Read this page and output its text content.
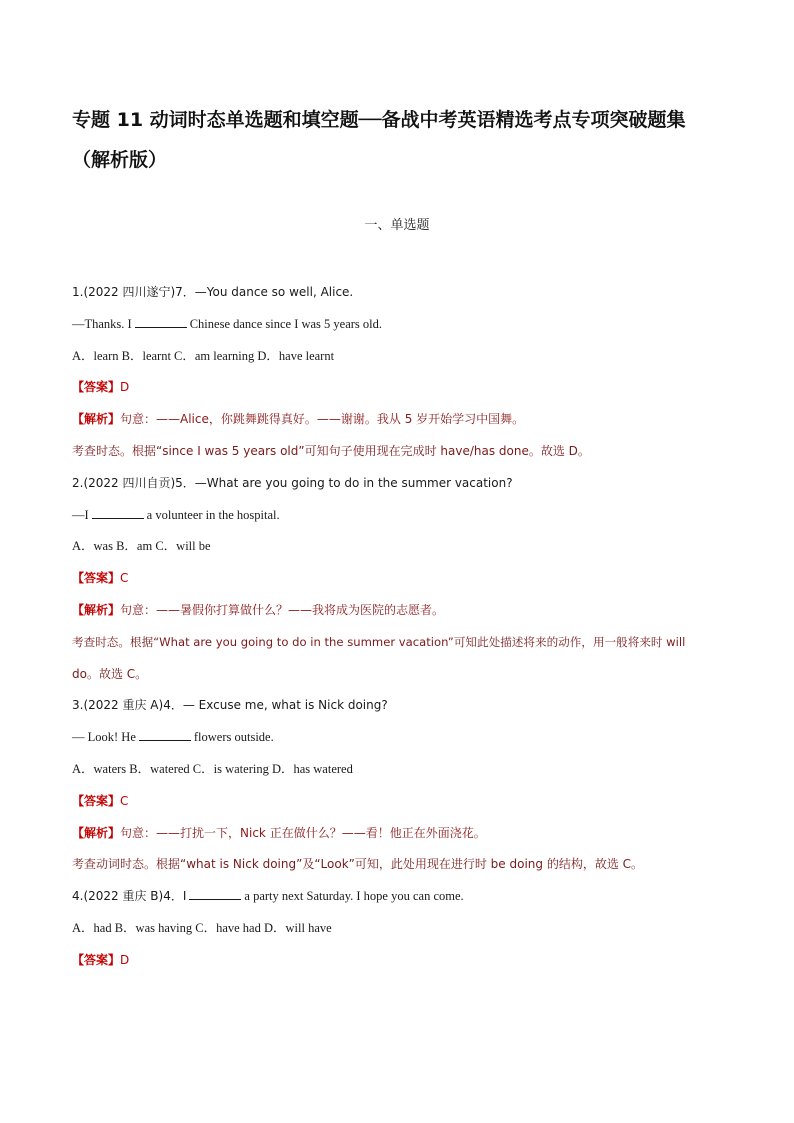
专题 11 动词时态单选题和填空题──备战中考英语精选考点专项突破题集
（解析版）
一、单选题
1.(2022 四川遂宁)7．—You dance so well, Alice.
—Thanks. I	Chinese dance since I was 5 years old.
A．learn B．learnt C．am learning D．have learnt
【答案】D
【解析】句意：——Alice，你跳舞跳得真好。——谢谢。我从 5 岁开始学习中国舞。
考查时态。根据“since I was 5 years old”可知句子使用现在完成时 have/has done。故选 D。
2.(2022 四川自贡)5．—What are you going to do in the summer vacation?
—I	a volunteer in the hospital.
A．was B．am C．will be
【答案】C
【解析】句意：——暑假你打算做什么？——我将成为医院的志愿者。
考查时态。根据“What are you going to do in the summer vacation”可知此处描述将来的动作，用一般将来时 will
do。故选 C。
3.(2022 重庆 A)4．— Excuse me, what is Nick doing?
— Look! He	flowers outside.
A．waters B．watered C．is watering D．has watered
【答案】C
【解析】句意：——打扰一下，Nick 正在做什么？——看！他正在外面浇花。
考查动词时态。根据“what is Nick doing”及“Look”可知，此处用现在进行时 be doing 的结构，故选 C。
4.(2022 重庆 B)4．I	a party next Saturday. I hope you can come.
A．had B．was having C．have had D．will have
【答案】D
